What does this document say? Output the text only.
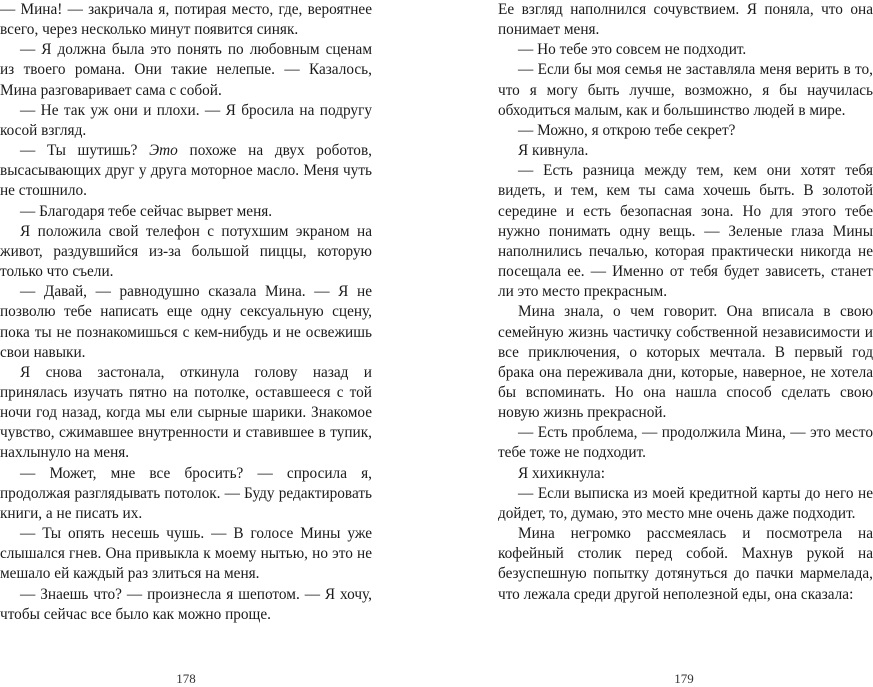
— Мина! — закричала я, потирая место, где, вероятнее всего, через несколько минут появится синяк.

— Я должна была это понять по любовным сценам из твоего романа. Они такие нелепые. — Казалось, Мина разговаривает сама с собой.

— Не так уж они и плохи. — Я бросила на подругу косой взгляд.

— Ты шутишь? Это похоже на двух роботов, высасывающих друг у друга моторное масло. Меня чуть не стошнило.

— Благодаря тебе сейчас вырвет меня.

Я положила свой телефон с потухшим экраном на живот, раздувшийся из-за большой пиццы, которую только что съели.

— Давай, — равнодушно сказала Мина. — Я не позволю тебе написать еще одну сексуальную сцену, пока ты не познакомишься с кем-нибудь и не освежишь свои навыки.

Я снова застонала, откинула голову назад и принялась изучать пятно на потолке, оставшееся с той ночи год назад, когда мы ели сырные шарики. Знакомое чувство, сжимавшее внутренности и ставившее в тупик, нахлынуло на меня.

— Может, мне все бросить? — спросила я, продолжая разглядывать потолок. — Буду редактировать книги, а не писать их.

— Ты опять несешь чушь. — В голосе Мины уже слышался гнев. Она привыкла к моему нытью, но это не мешало ей каждый раз злиться на меня.

— Знаешь что? — произнесла я шепотом. — Я хочу, чтобы сейчас все было как можно проще.

178

Ее взгляд наполнился сочувствием. Я поняла, что она понимает меня.

— Но тебе это совсем не подходит.

— Если бы моя семья не заставляла меня верить в то, что я могу быть лучше, возможно, я бы научилась обходиться малым, как и большинство людей в мире.

— Можно, я открою тебе секрет?

Я кивнула.

— Есть разница между тем, кем они хотят тебя видеть, и тем, кем ты сама хочешь быть. В золотой середине и есть безопасная зона. Но для этого тебе нужно понимать одну вещь. — Зеленые глаза Мины наполнились печалью, которая практически никогда не посещала ее. — Именно от тебя будет зависеть, станет ли это место прекрасным.

Мина знала, о чем говорит. Она вписала в свою семейную жизнь частичку собственной независимости и все приключения, о которых мечтала. В первый год брака она переживала дни, которые, наверное, не хотела бы вспоминать. Но она нашла способ сделать свою новую жизнь прекрасной.

— Есть проблема, — продолжила Мина, — это место тебе тоже не подходит.

Я хихикнула:

— Если выписка из моей кредитной карты до него не дойдет, то, думаю, это место мне очень даже подходит.

Мина негромко рассмеялась и посмотрела на кофейный столик перед собой. Махнув рукой на безуспешную попытку дотянуться до пачки мармелада, что лежала среди другой неполезной еды, она сказала:

179
